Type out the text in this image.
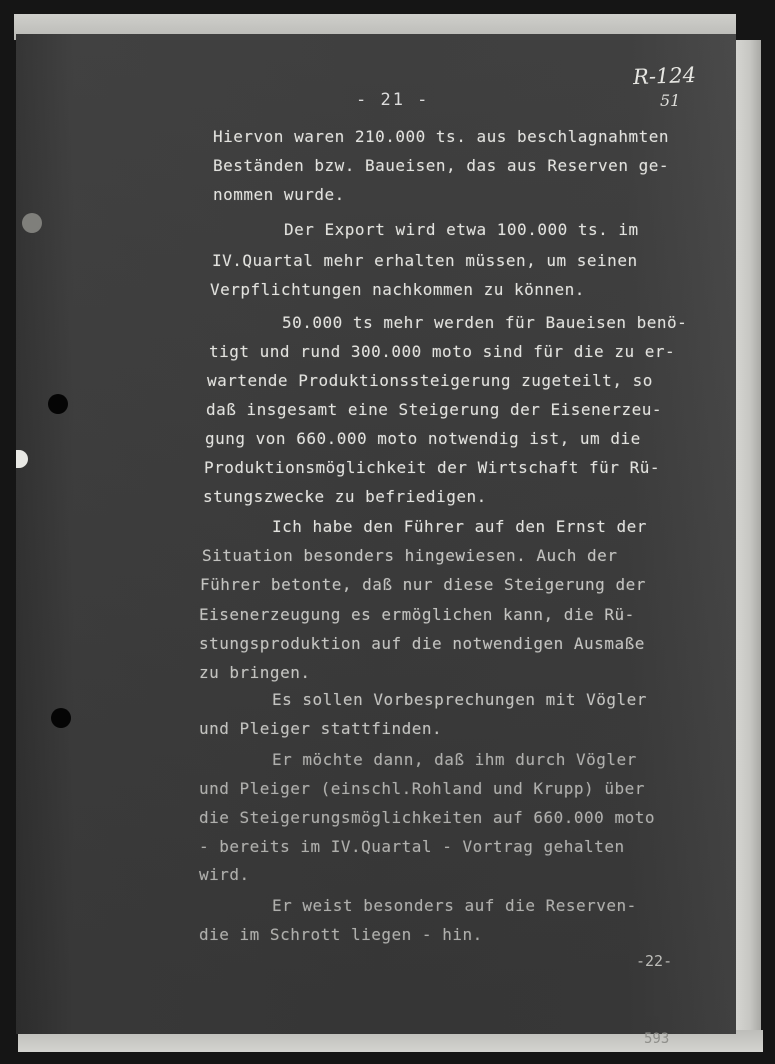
R-124
51
- 21 -
Hiervon waren 210.000 ts. aus beschlagnahmten
Beständen bzw. Baueisen, das aus Reserven ge-
nommen wurde.
Der Export wird etwa 100.000 ts. im
IV.Quartal mehr erhalten müssen, um seinen
Verpflichtungen nachkommen zu können.
50.000 ts mehr werden für Baueisen benö-
tigt und rund 300.000 moto sind für die zu er-
wartende Produktionssteigerung zugeteilt, so
daß insgesamt eine Steigerung der Eisenerzeu-
gung von 660.000 moto notwendig ist, um die
Produktionsmöglichkeit der Wirtschaft für Rü-
stungszwecke zu befriedigen.
Ich habe den Führer auf den Ernst der
Situation besonders hingewiesen. Auch der
Führer betonte, daß nur diese Steigerung der
Eisenerzeugung es ermöglichen kann, die Rü-
stungsproduktion auf die notwendigen Ausmaße
zu bringen.
Es sollen Vorbesprechungen mit Vögler
und Pleiger stattfinden.
Er möchte dann, daß ihm durch Vögler
und Pleiger (einschl.Rohland und Krupp) über
die Steigerungsmöglichkeiten auf 660.000 moto
- bereits im IV.Quartal - Vortrag gehalten
wird.
Er weist besonders auf die Reserven-
die im Schrott liegen - hin.
-22-
593
